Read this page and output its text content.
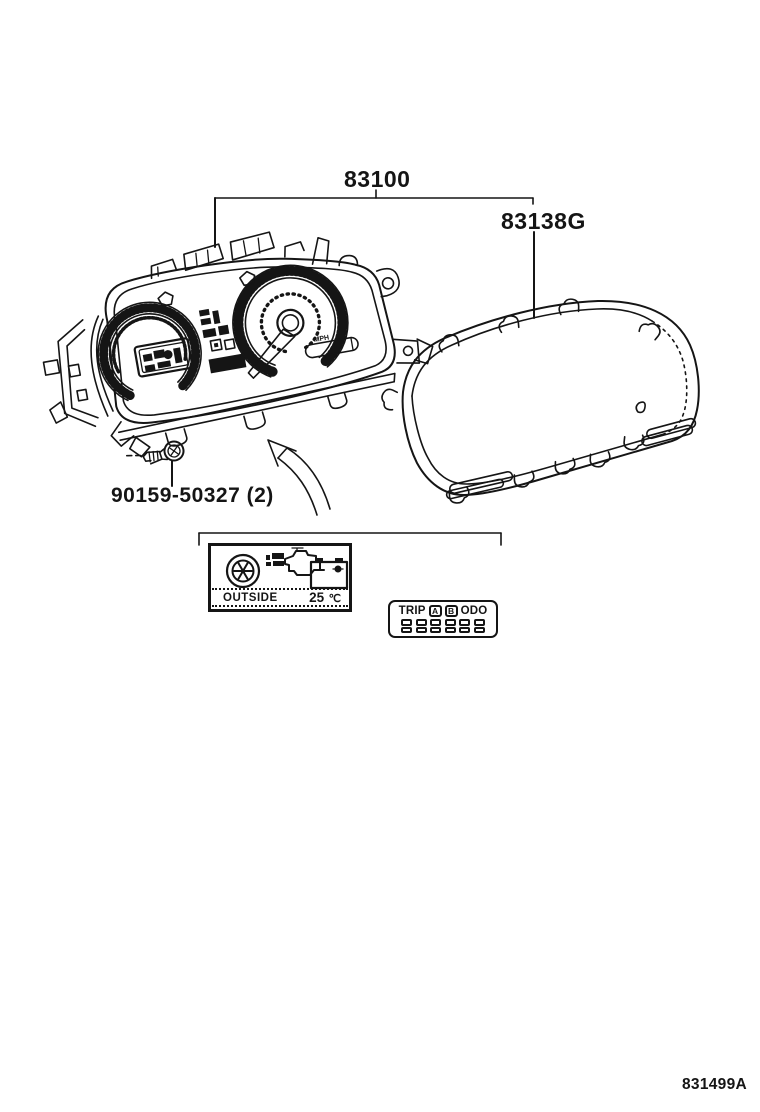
MPH
83100
83138G
90159-50327 (2)
831499A
OUTSIDE 25 ℃
TRIP A	B ODO
